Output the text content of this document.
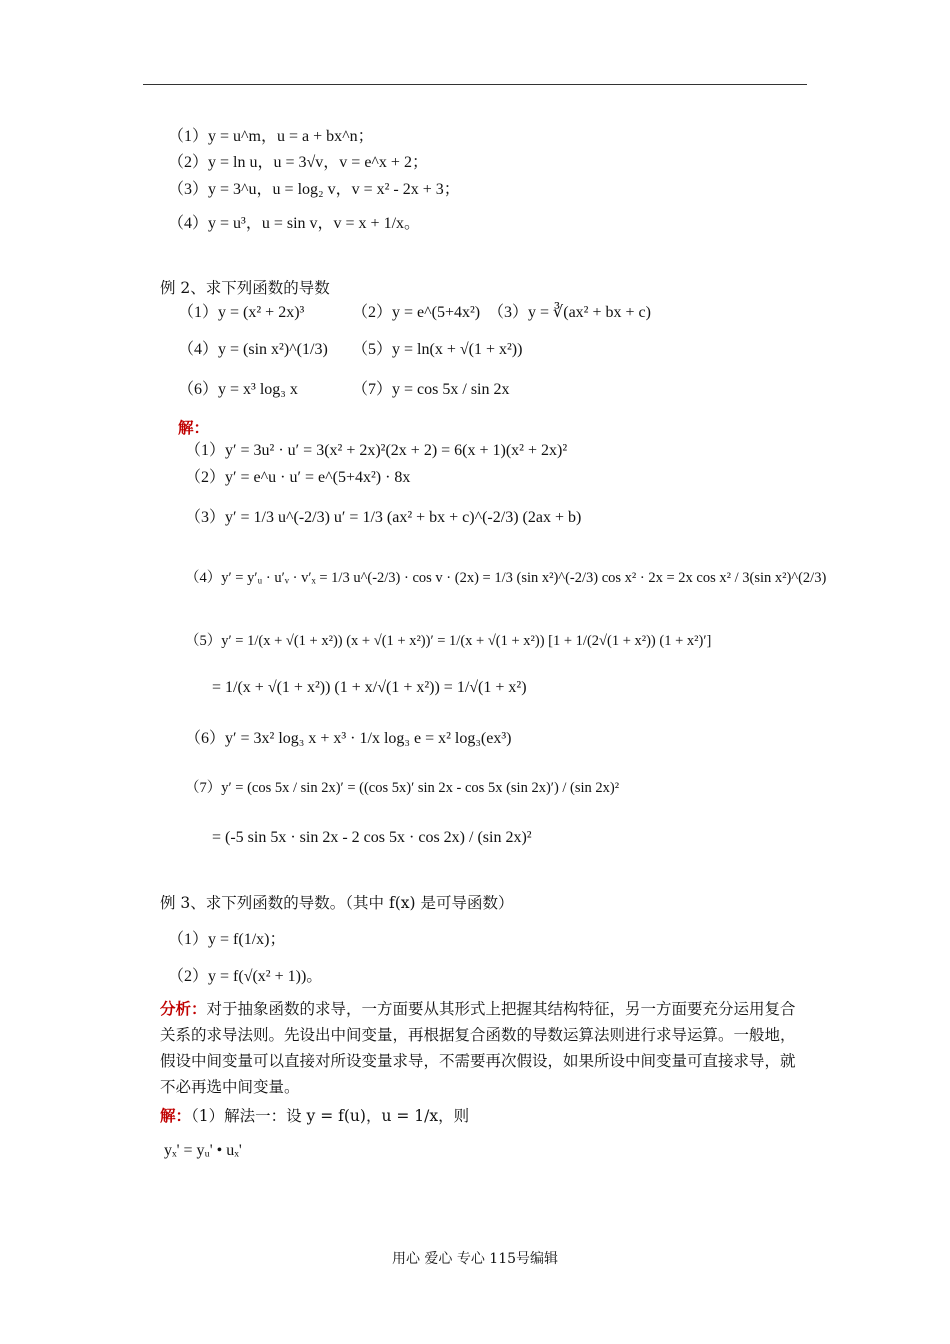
（1）y = u^m，u = a + bx^n；
（2）y = ln u，u = 3√v，v = e^x + 2；
（3）y = 3^u，u = log₂ v，v = x² - 2x + 3；
（4）y = u³，u = sin v，v = x + 1/x。
例 2、求下列函数的导数
（1）y = (x² + 2x)³	（2）y = e^(5+4x²) （3）y = ∛(ax² + bx + c)
（4）y = (sin x²)^(1/3) （5）y = ln(x + √(1 + x²))
（6）y = x³ log₃ x	（7）y = cos 5x / sin 2x
解：
（1）y′ = 3u² · u′ = 3(x² + 2x)²(2x + 2) = 6(x + 1)(x² + 2x)²
（2）y′ = e^u · u′ = e^(5+4x²) · 8x
（3）y′ = 1/3 u^(-2/3) u′ = 1/3 (ax² + bx + c)^(-2/3) (2ax + b)
（4）y′ = y′ᵤ · u′ᵥ · v′ₓ = 1/3 u^(-2/3) · cos v · (2x) = 1/3 (sin x²)^(-2/3) cos x² · 2x = 2x cos x² / 3(sin x²)^(2/3)
（5）y′ = 1/(x + √(1 + x²)) (x + √(1 + x²))′ = 1/(x + √(1 + x²)) [1 + 1/(2√(1 + x²)) (1 + x²)′]
= 1/(x + √(1 + x²)) (1 + x/√(1 + x²)) = 1/√(1 + x²)
（6）y′ = 3x² log₃ x + x³ · 1/x log₃ e = x² log₃(ex³)
（7）y′ = (cos 5x / sin 2x)′ = ((cos 5x)′ sin 2x - cos 5x (sin 2x)′) / (sin 2x)²
= (-5 sin 5x · sin 2x - 2 cos 5x · cos 2x) / (sin 2x)²
例 3、求下列函数的导数。（其中 f(x) 是可导函数）
（1）y = f(1/x)；
（2）y = f(√(x² + 1))。
分析：对于抽象函数的求导，一方面要从其形式上把握其结构特征，另一方面要充分运用复合关系的求导法则。先设出中间变量，再根据复合函数的导数运算法则进行求导运算。一般地，假设中间变量可以直接对所设变量求导，不需要再次假设，如果所设中间变量可直接求导，就不必再选中间变量。
解：（1）解法一：设 y = f(u)，u = 1/x，则
yₓ' = yᵤ' • uₓ'
用心 爱心 专心 115号编辑
